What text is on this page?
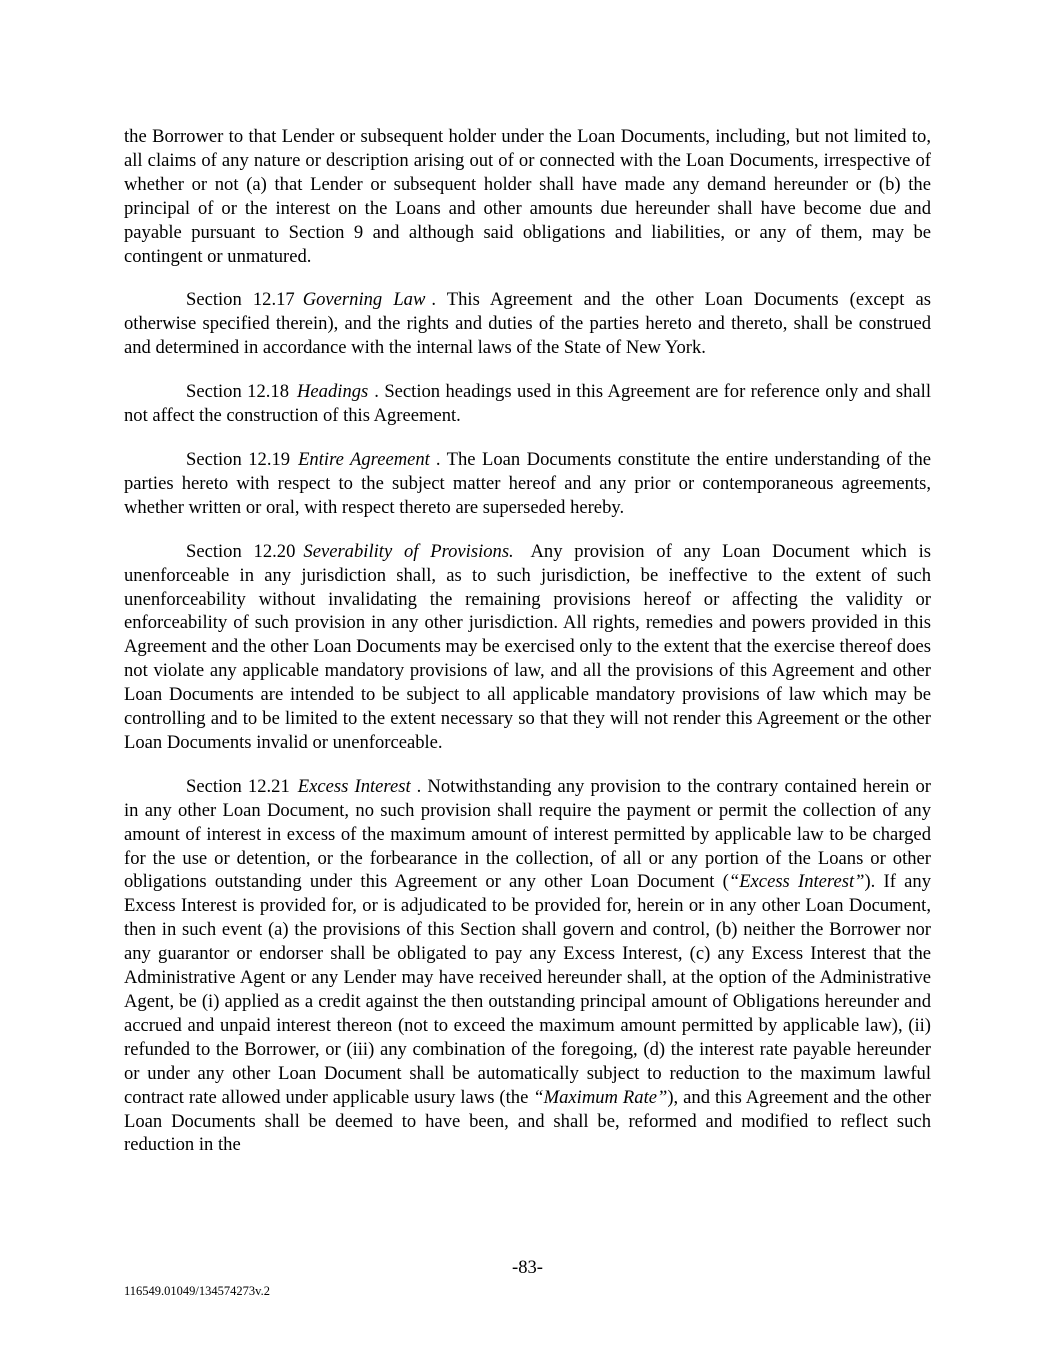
the Borrower to that Lender or subsequent holder under the Loan Documents, including, but not limited to, all claims of any nature or description arising out of or connected with the Loan Documents, irrespective of whether or not (a) that Lender or subsequent holder shall have made any demand hereunder or (b) the principal of or the interest on the Loans and other amounts due hereunder shall have become due and payable pursuant to Section 9 and although said obligations and liabilities, or any of them, may be contingent or unmatured.

Section 12.17 Governing Law . This Agreement and the other Loan Documents (except as otherwise specified therein), and the rights and duties of the parties hereto and thereto, shall be construed and determined in accordance with the internal laws of the State of New York.

Section 12.18 Headings . Section headings used in this Agreement are for reference only and shall not affect the construction of this Agreement.

Section 12.19 Entire Agreement . The Loan Documents constitute the entire understanding of the parties hereto with respect to the subject matter hereof and any prior or contemporaneous agreements, whether written or oral, with respect thereto are superseded hereby.

Section 12.20 Severability of Provisions. Any provision of any Loan Document which is unenforceable in any jurisdiction shall, as to such jurisdiction, be ineffective to the extent of such unenforceability without invalidating the remaining provisions hereof or affecting the validity or enforceability of such provision in any other jurisdiction. All rights, remedies and powers provided in this Agreement and the other Loan Documents may be exercised only to the extent that the exercise thereof does not violate any applicable mandatory provisions of law, and all the provisions of this Agreement and other Loan Documents are intended to be subject to all applicable mandatory provisions of law which may be controlling and to be limited to the extent necessary so that they will not render this Agreement or the other Loan Documents invalid or unenforceable.

Section 12.21 Excess Interest . Notwithstanding any provision to the contrary contained herein or in any other Loan Document, no such provision shall require the payment or permit the collection of any amount of interest in excess of the maximum amount of interest permitted by applicable law to be charged for the use or detention, or the forbearance in the collection, of all or any portion of the Loans or other obligations outstanding under this Agreement or any other Loan Document (“Excess Interest”). If any Excess Interest is provided for, or is adjudicated to be provided for, herein or in any other Loan Document, then in such event (a) the provisions of this Section shall govern and control, (b) neither the Borrower nor any guarantor or endorser shall be obligated to pay any Excess Interest, (c) any Excess Interest that the Administrative Agent or any Lender may have received hereunder shall, at the option of the Administrative Agent, be (i) applied as a credit against the then outstanding principal amount of Obligations hereunder and accrued and unpaid interest thereon (not to exceed the maximum amount permitted by applicable law), (ii) refunded to the Borrower, or (iii) any combination of the foregoing, (d) the interest rate payable hereunder or under any other Loan Document shall be automatically subject to reduction to the maximum lawful contract rate allowed under applicable usury laws (the “Maximum Rate”), and this Agreement and the other Loan Documents shall be deemed to have been, and shall be, reformed and modified to reflect such reduction in the

-83-
116549.01049/134574273v.2
